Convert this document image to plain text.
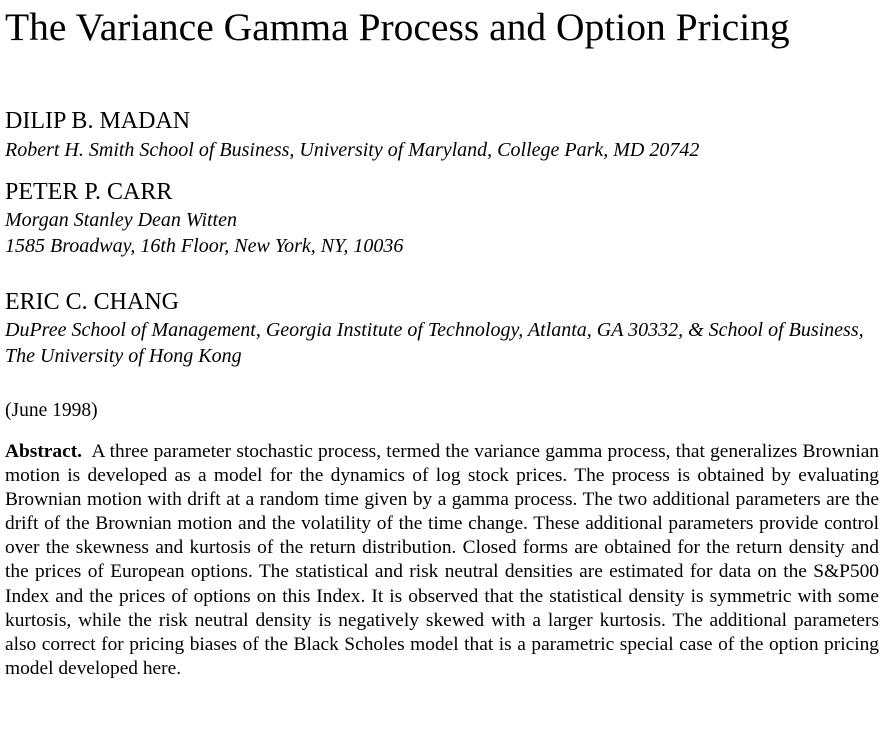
The Variance Gamma Process and Option Pricing
DILIP B. MADAN
Robert H. Smith School of Business, University of Maryland, College Park, MD 20742
PETER P. CARR
Morgan Stanley Dean Witten
1585 Broadway, 16th Floor, New York, NY, 10036
ERIC C. CHANG
DuPree School of Management, Georgia Institute of Technology, Atlanta, GA 30332, & School of Business, The University of Hong Kong
(June 1998)

Abstract. A three parameter stochastic process, termed the variance gamma process, that generalizes Brownian motion is developed as a model for the dynamics of log stock prices. The process is obtained by evaluating Brownian motion with drift at a random time given by a gamma process. The two additional parameters are the drift of the Brownian motion and the volatility of the time change. These additional parameters provide control over the skewness and kurtosis of the return distribution. Closed forms are obtained for the return density and the prices of European options. The statistical and risk neutral densities are estimated for data on the S&P500 Index and the prices of options on this Index. It is observed that the statistical density is symmetric with some kurtosis, while the risk neutral density is negatively skewed with a larger kurtosis. The additional parameters also correct for pricing biases of the Black Scholes model that is a parametric special case of the option pricing model developed here.
